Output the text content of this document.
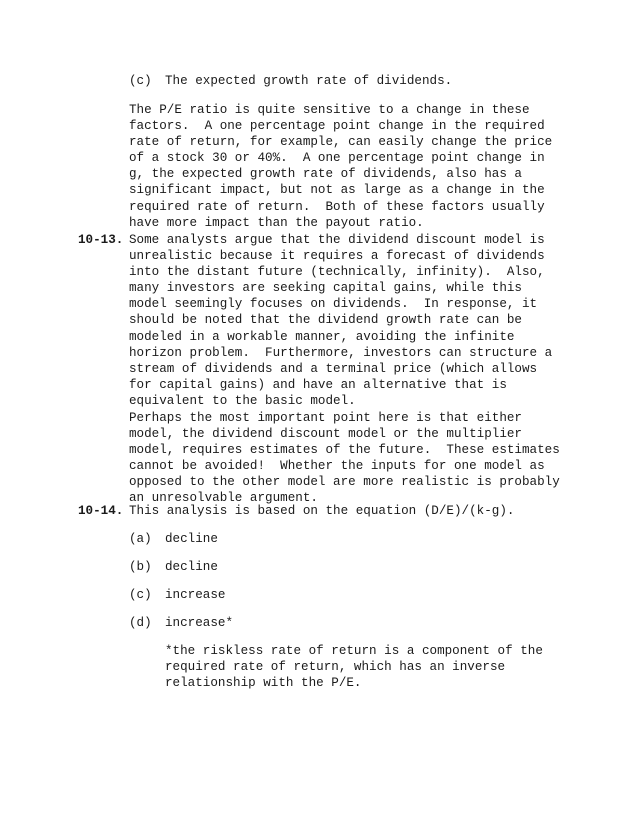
(c) The expected growth rate of dividends.
The P/E ratio is quite sensitive to a change in these
factors.  A one percentage point change in the required
rate of return, for example, can easily change the price
of a stock 30 or 40%.  A one percentage point change in
g, the expected growth rate of dividends, also has a
significant impact, but not as large as a change in the
required rate of return.  Both of these factors usually
have more impact than the payout ratio.
10-13. Some analysts argue that the dividend discount model is
unrealistic because it requires a forecast of dividends
into the distant future (technically, infinity).  Also,
many investors are seeking capital gains, while this
model seemingly focuses on dividends.  In response, it
should be noted that the dividend growth rate can be
modeled in a workable manner, avoiding the infinite
horizon problem.  Furthermore, investors can structure a
stream of dividends and a terminal price (which allows
for capital gains) and have an alternative that is
equivalent to the basic model.
Perhaps the most important point here is that either
model, the dividend discount model or the multiplier
model, requires estimates of the future.  These estimates
cannot be avoided!  Whether the inputs for one model as
opposed to the other model are more realistic is probably
an unresolvable argument.
10-14. This analysis is based on the equation (D/E)/(k-g).
(a) decline
(b) decline
(c) increase
(d) increase*
*the riskless rate of return is a component of the
required rate of return, which has an inverse
relationship with the P/E.
